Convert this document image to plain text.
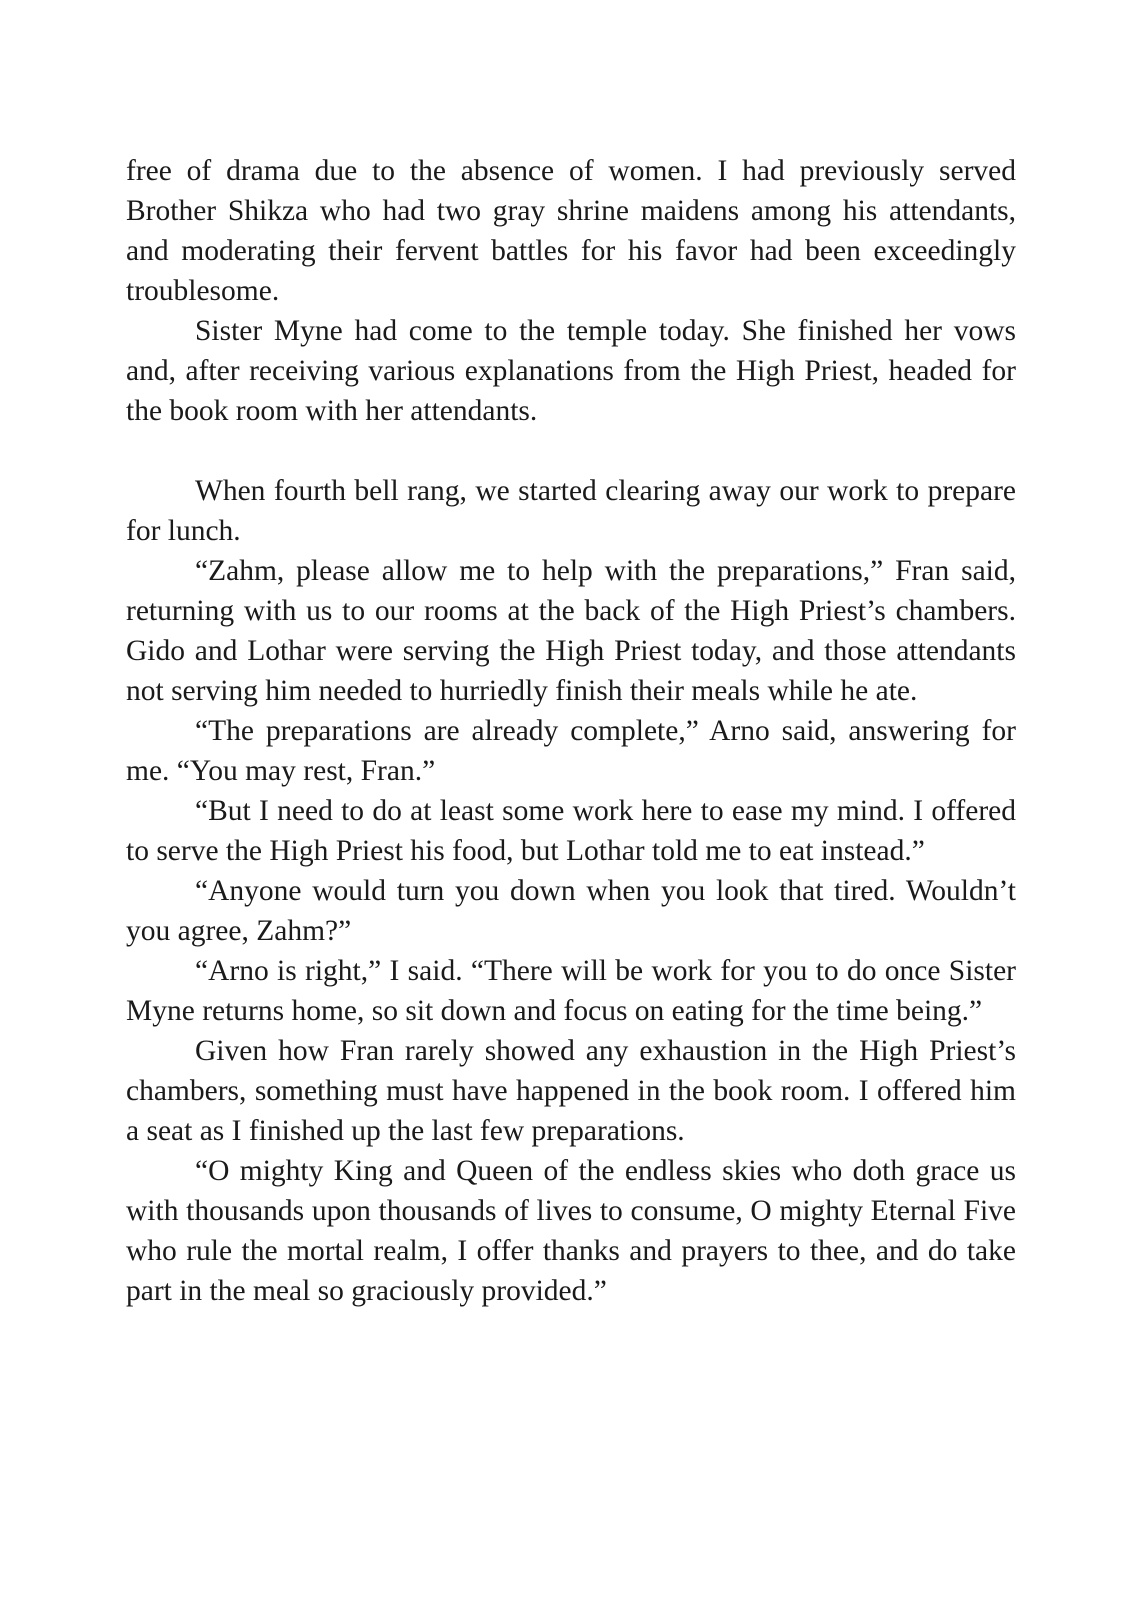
free of drama due to the absence of women. I had previously served Brother Shikza who had two gray shrine maidens among his attendants, and moderating their fervent battles for his favor had been exceedingly troublesome.

Sister Myne had come to the temple today. She finished her vows and, after receiving various explanations from the High Priest, headed for the book room with her attendants.

When fourth bell rang, we started clearing away our work to prepare for lunch.

“Zahm, please allow me to help with the preparations,” Fran said, returning with us to our rooms at the back of the High Priest’s chambers. Gido and Lothar were serving the High Priest today, and those attendants not serving him needed to hurriedly finish their meals while he ate.

“The preparations are already complete,” Arno said, answering for me. “You may rest, Fran.”

“But I need to do at least some work here to ease my mind. I offered to serve the High Priest his food, but Lothar told me to eat instead.”

“Anyone would turn you down when you look that tired. Wouldn’t you agree, Zahm?”

“Arno is right,” I said. “There will be work for you to do once Sister Myne returns home, so sit down and focus on eating for the time being.”

Given how Fran rarely showed any exhaustion in the High Priest’s chambers, something must have happened in the book room. I offered him a seat as I finished up the last few preparations.

“O mighty King and Queen of the endless skies who doth grace us with thousands upon thousands of lives to consume, O mighty Eternal Five who rule the mortal realm, I offer thanks and prayers to thee, and do take part in the meal so graciously provided.”
